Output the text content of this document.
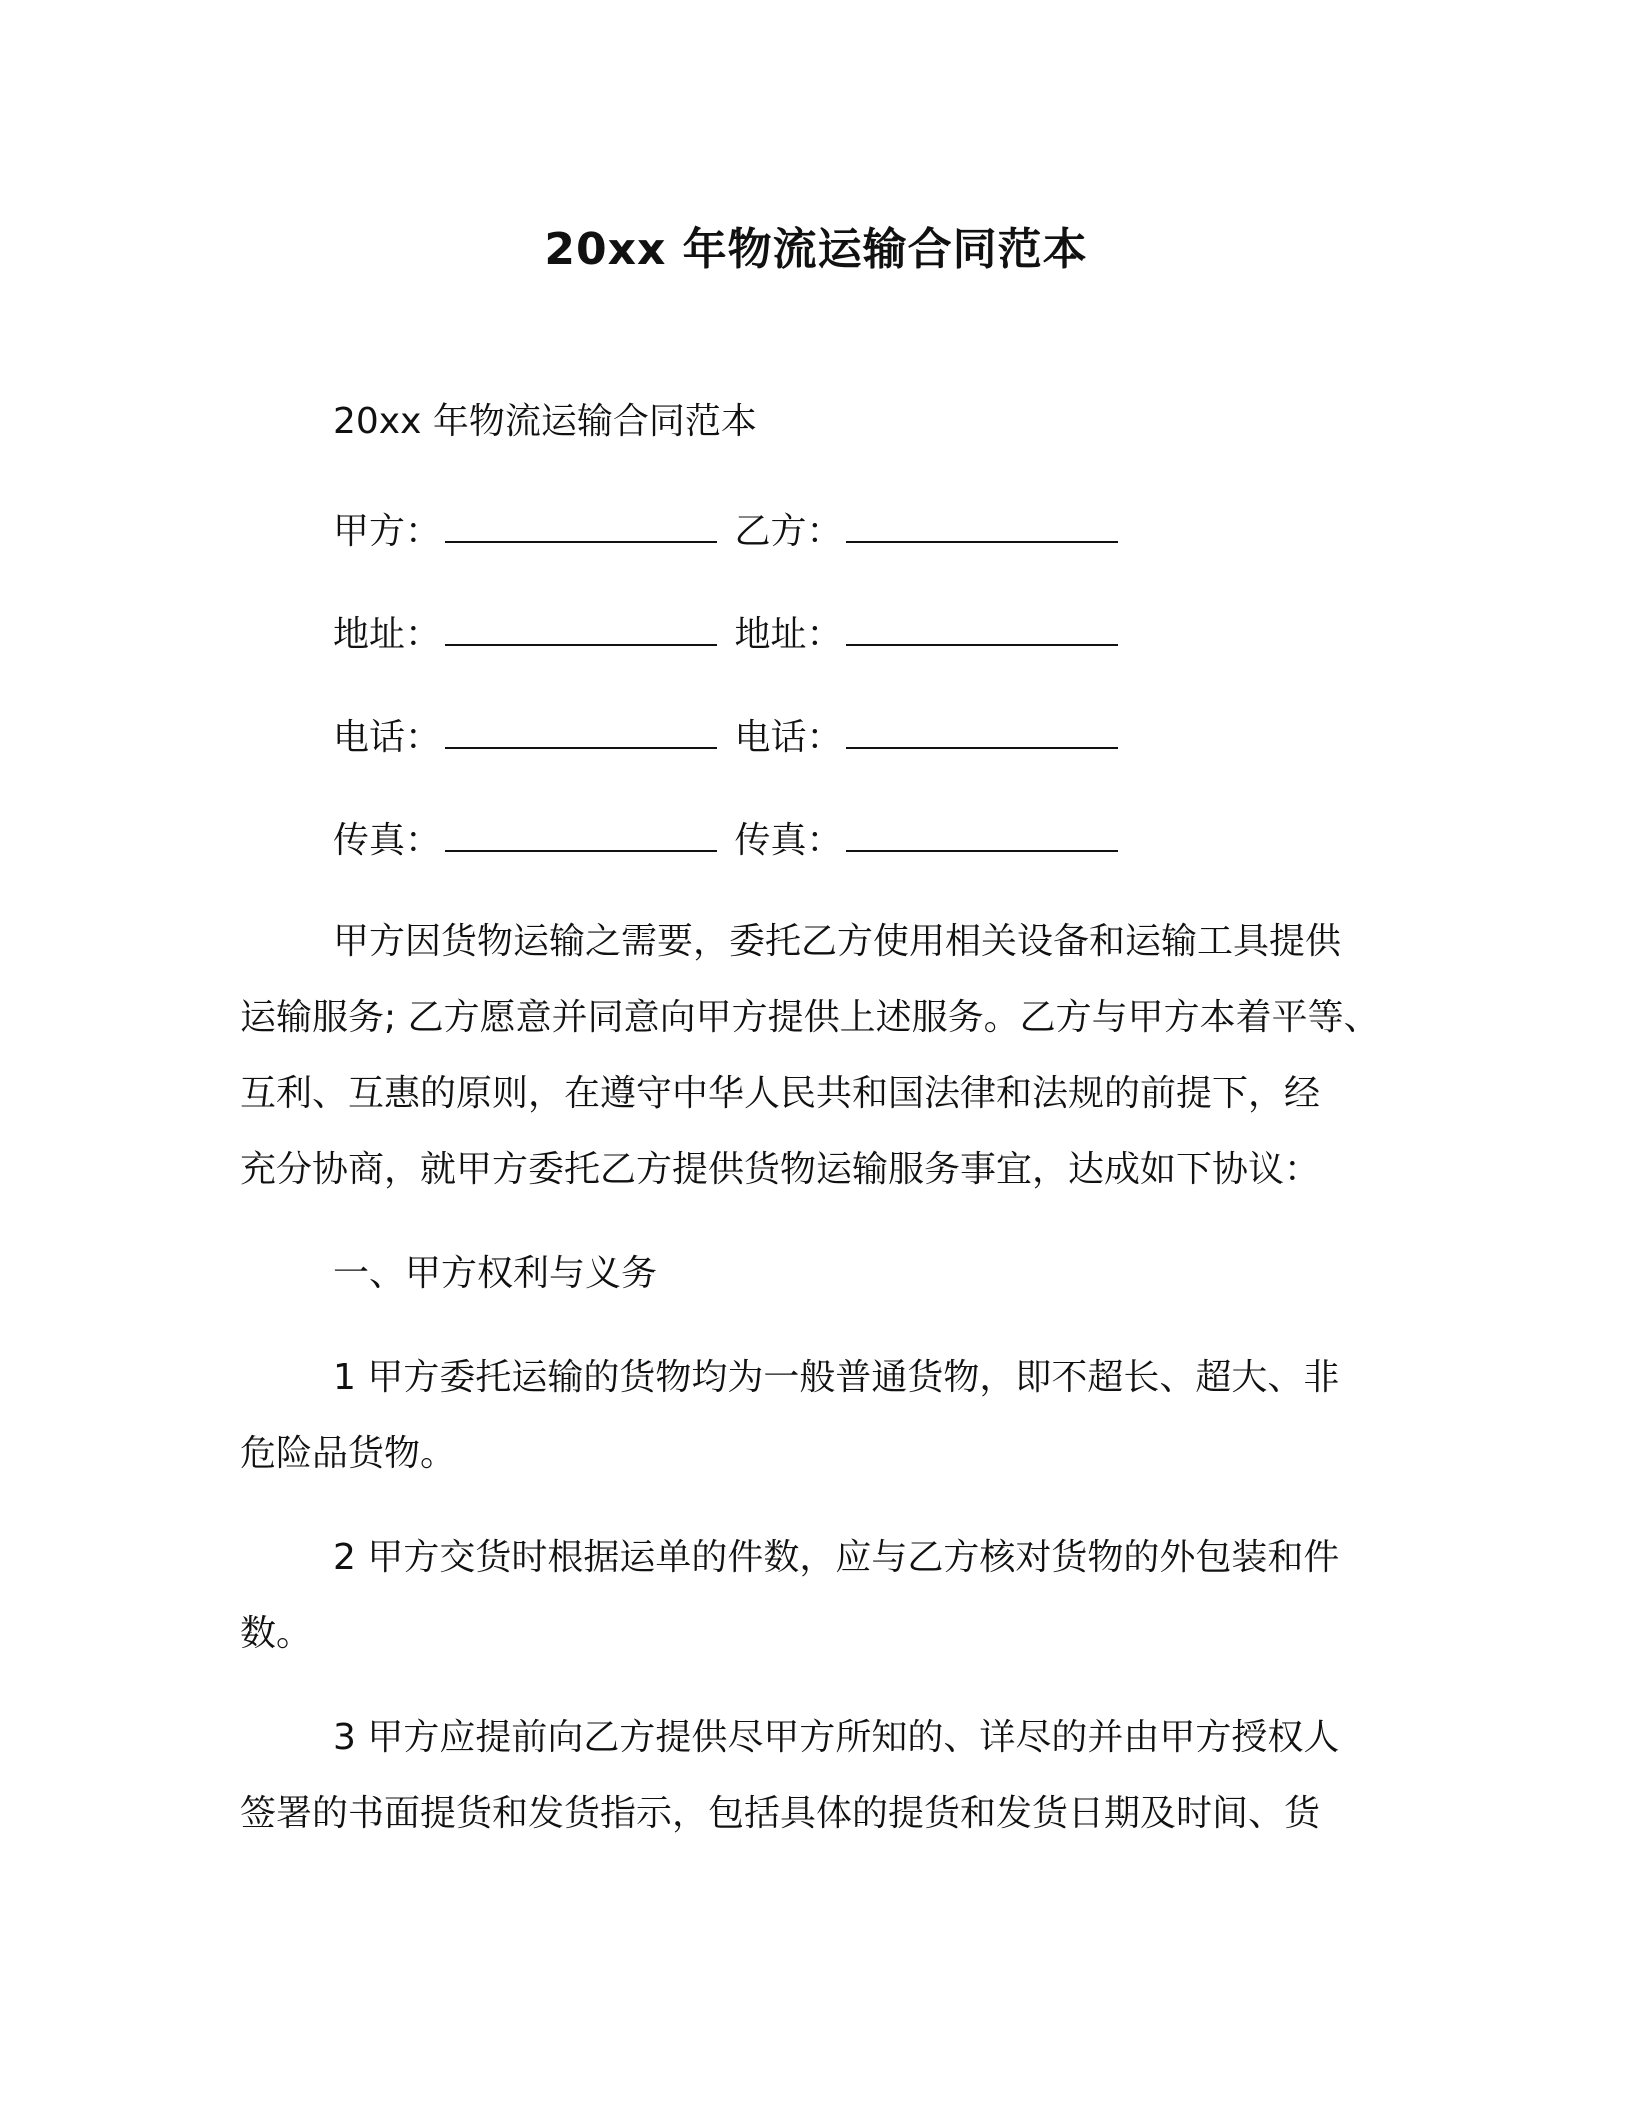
20xx 年物流运输合同范本

20xx 年物流运输合同范本

甲方：	乙方：
地址：	地址：
电话：	电话：
传真：	传真：

甲方因货物运输之需要，委托乙方使用相关设备和运输工具提供

运输服务; 乙方愿意并同意向甲方提供上述服务。乙方与甲方本着平等、

互利、互惠的原则，在遵守中华人民共和国法律和法规的前提下，经

充分协商，就甲方委托乙方提供货物运输服务事宜，达成如下协议：

一、甲方权利与义务

1 甲方委托运输的货物均为一般普通货物，即不超长、超大、非

危险品货物。

2 甲方交货时根据运单的件数，应与乙方核对货物的外包装和件

数。

3 甲方应提前向乙方提供尽甲方所知的、详尽的并由甲方授权人

签署的书面提货和发货指示，包括具体的提货和发货日期及时间、货
